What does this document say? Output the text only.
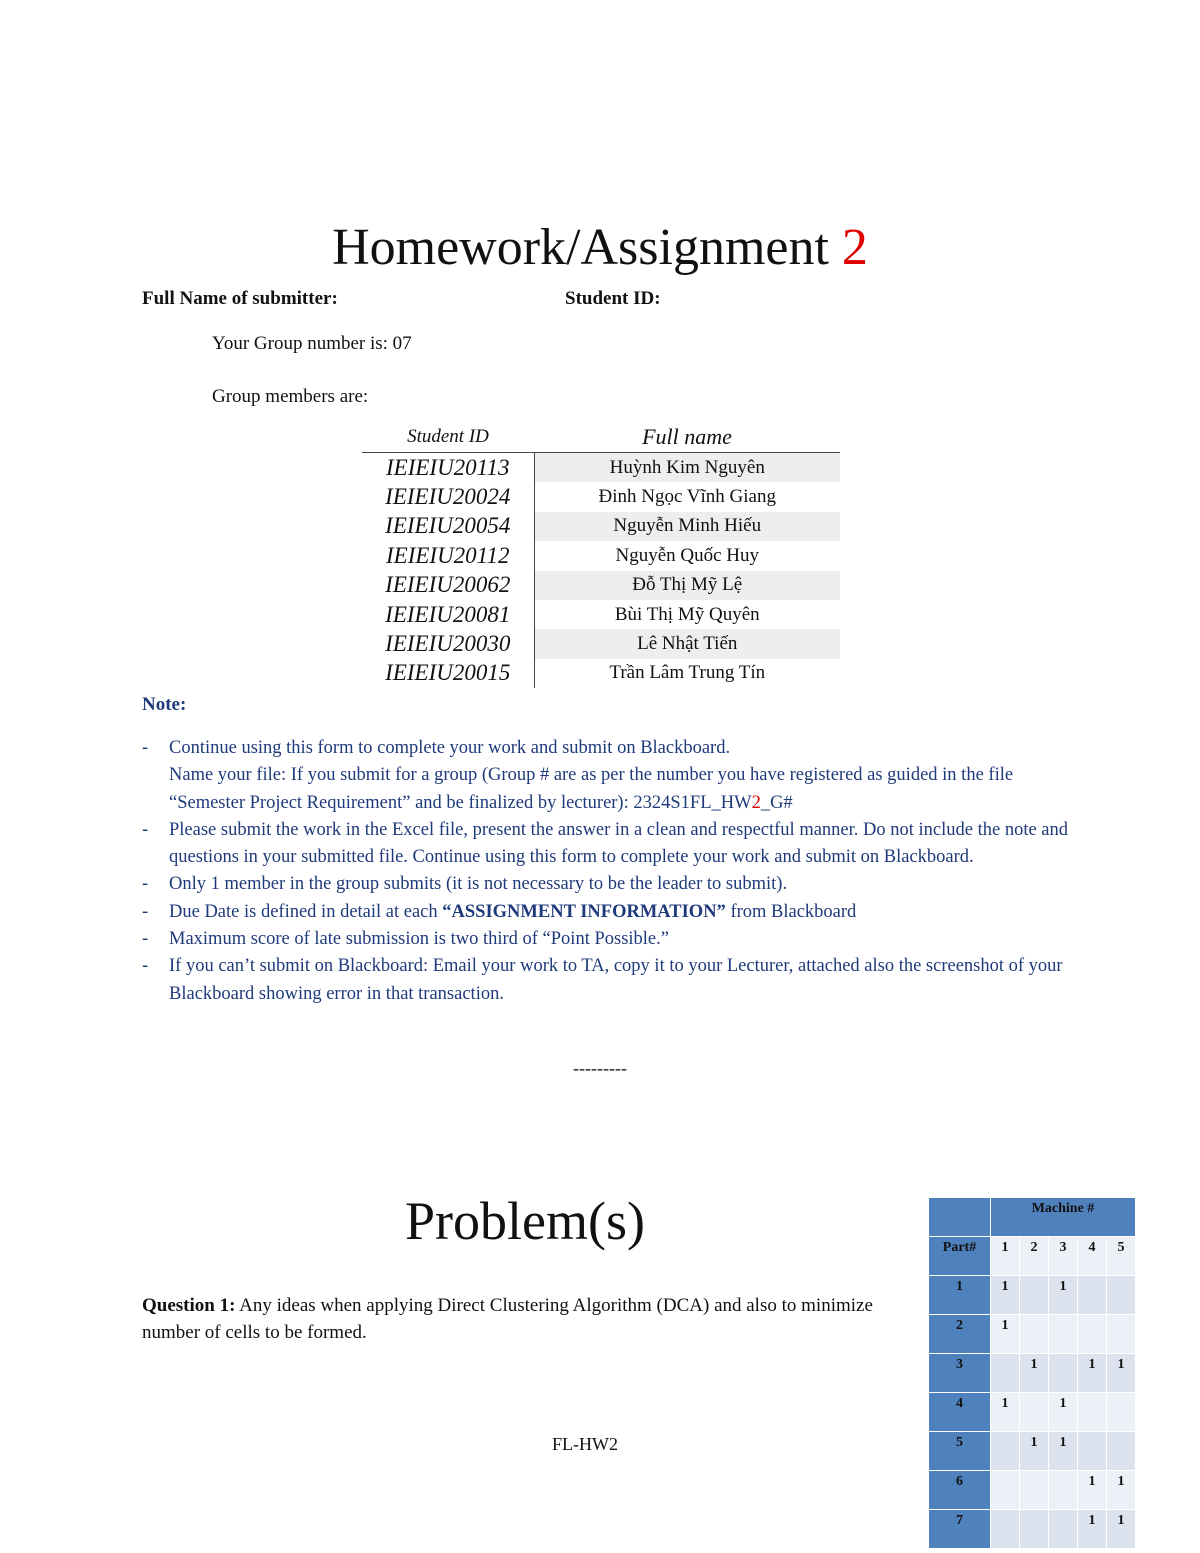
Homework/Assignment 2
Full Name of submitter:	Student ID:
Your Group number is: 07
Group members are:
Student ID	Full name
IEIEIU20113	Huỳnh Kim Nguyên
IEIEIU20024	Đinh Ngọc Vĩnh Giang
IEIEIU20054	Nguyễn Minh Hiếu
IEIEIU20112	Nguyễn Quốc Huy
IEIEIU20062	Đỗ Thị Mỹ Lệ
IEIEIU20081	Bùi Thị Mỹ Quyên
IEIEIU20030	Lê Nhật Tiến
IEIEIU20015	Trần Lâm Trung Tín
Note:
- Continue using this form to complete your work and submit on Blackboard.
Name your file: If you submit for a group (Group # are as per the number you have registered as guided in the file “Semester Project Requirement” and be finalized by lecturer): 2324S1FL_HW2_G#
- Please submit the work in the Excel file, present the answer in a clean and respectful manner. Do not include the note and questions in your submitted file. Continue using this form to complete your work and submit on Blackboard.
- Only 1 member in the group submits (it is not necessary to be the leader to submit).
- Due Date is defined in detail at each “ASSIGNMENT INFORMATION” from Blackboard
- Maximum score of late submission is two third of “Point Possible.”
- If you can’t submit on Blackboard: Email your work to TA, copy it to your Lecturer, attached also the screenshot of your Blackboard showing error in that transaction.
---------
Problem(s)
Question 1: Any ideas when applying Direct Clustering Algorithm (DCA) and also to minimize number of cells to be formed.
FL-HW2
	Machine #				
Part#	1	2	3	4	5
1	1		1		
2	1				
3		1		1	1
4	1		1		
5		1	1		
6				1	1
7				1	1
